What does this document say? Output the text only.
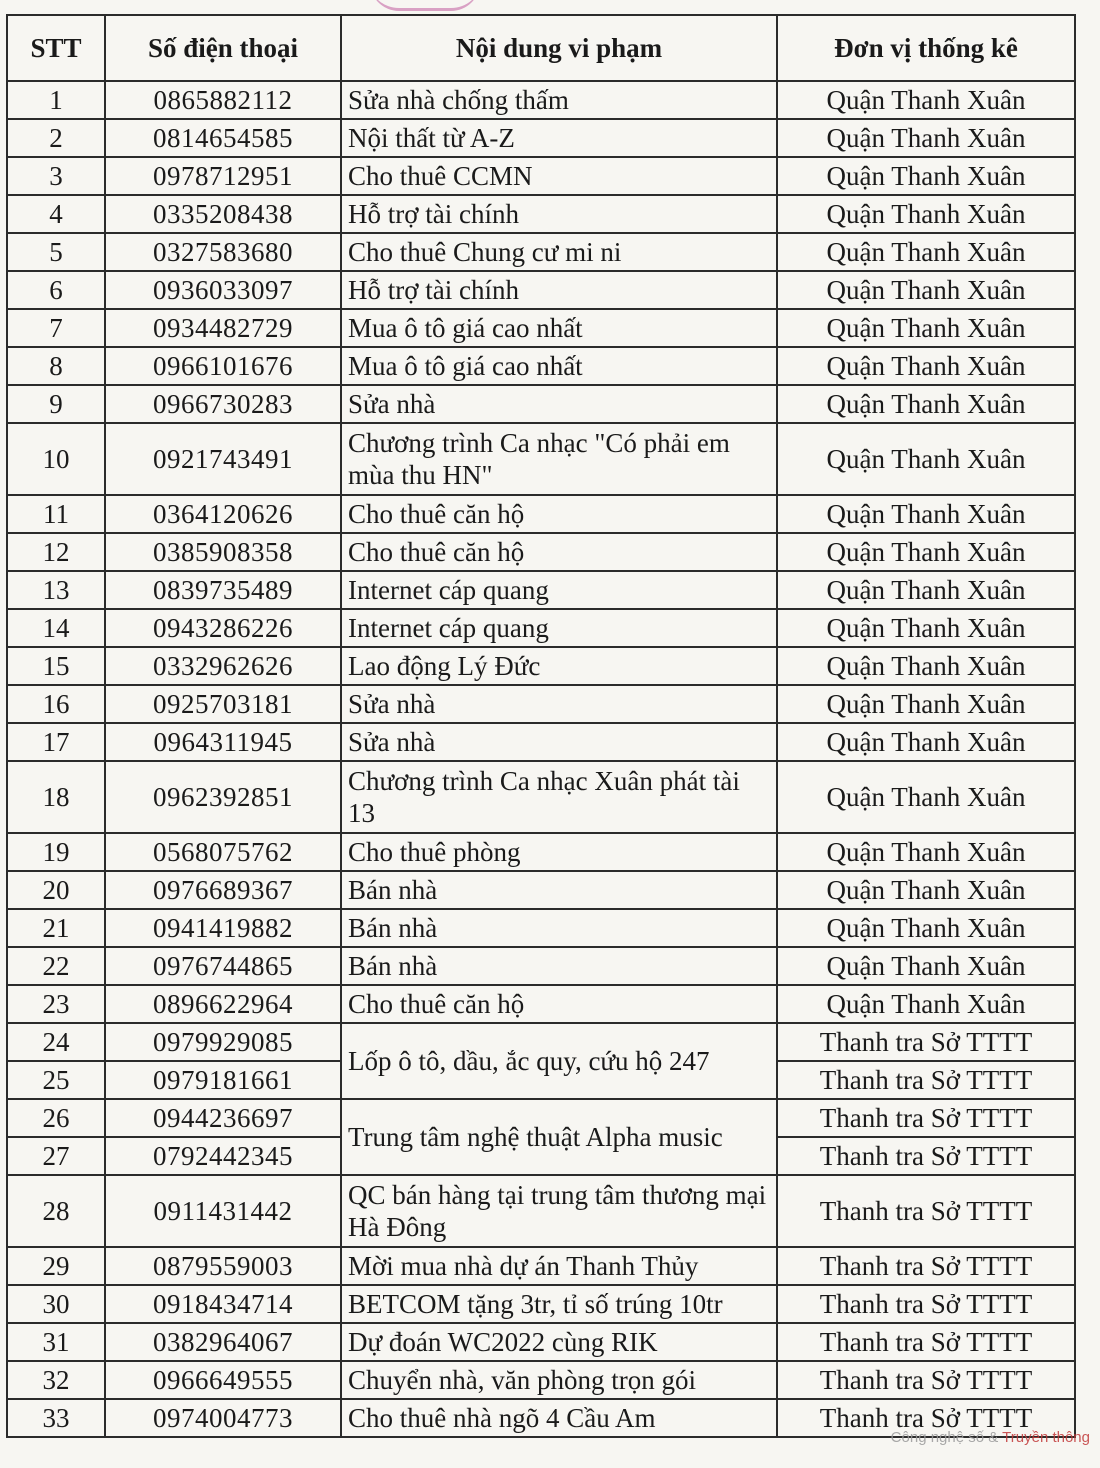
STT	Số điện thoại	Nội dung vi phạm	Đơn vị thống kê
1	0865882112	Sửa nhà chống thấm	Quận Thanh Xuân
2	0814654585	Nội thất từ A-Z	Quận Thanh Xuân
3	0978712951	Cho thuê CCMN	Quận Thanh Xuân
4	0335208438	Hỗ trợ tài chính	Quận Thanh Xuân
5	0327583680	Cho thuê Chung cư mi ni	Quận Thanh Xuân
6	0936033097	Hỗ trợ tài chính	Quận Thanh Xuân
7	0934482729	Mua ô tô giá cao nhất	Quận Thanh Xuân
8	0966101676	Mua ô tô giá cao nhất	Quận Thanh Xuân
9	0966730283	Sửa nhà	Quận Thanh Xuân
10	0921743491	Chương trình Ca nhạc "Có phải em mùa thu HN"	Quận Thanh Xuân
11	0364120626	Cho thuê căn hộ	Quận Thanh Xuân
12	0385908358	Cho thuê căn hộ	Quận Thanh Xuân
13	0839735489	Internet cáp quang	Quận Thanh Xuân
14	0943286226	Internet cáp quang	Quận Thanh Xuân
15	0332962626	Lao động Lý Đức	Quận Thanh Xuân
16	0925703181	Sửa nhà	Quận Thanh Xuân
17	0964311945	Sửa nhà	Quận Thanh Xuân
18	0962392851	Chương trình Ca nhạc Xuân phát tài 13	Quận Thanh Xuân
19	0568075762	Cho thuê phòng	Quận Thanh Xuân
20	0976689367	Bán nhà	Quận Thanh Xuân
21	0941419882	Bán nhà	Quận Thanh Xuân
22	0976744865	Bán nhà	Quận Thanh Xuân
23	0896622964	Cho thuê căn hộ	Quận Thanh Xuân
24	0979929085	Lốp ô tô, dầu, ắc quy, cứu hộ 247	Thanh tra Sở TTTT
25	0979181661		Thanh tra Sở TTTT
26	0944236697	Trung tâm nghệ thuật Alpha music	Thanh tra Sở TTTT
27	0792442345		Thanh tra Sở TTTT
28	0911431442	QC bán hàng tại trung tâm thương mại Hà Đông	Thanh tra Sở TTTT
29	0879559003	Mời mua nhà dự án Thanh Thủy	Thanh tra Sở TTTT
30	0918434714	BETCOM tặng 3tr, tỉ số trúng 10tr	Thanh tra Sở TTTT
31	0382964067	Dự đoán WC2022 cùng RIK	Thanh tra Sở TTTT
32	0966649555	Chuyển nhà, văn phòng trọn gói	Thanh tra Sở TTTT
33	0974004773	Cho thuê nhà ngõ 4 Cầu Am	Thanh tra Sở TTTT
Công nghệ số & Truyền thông
